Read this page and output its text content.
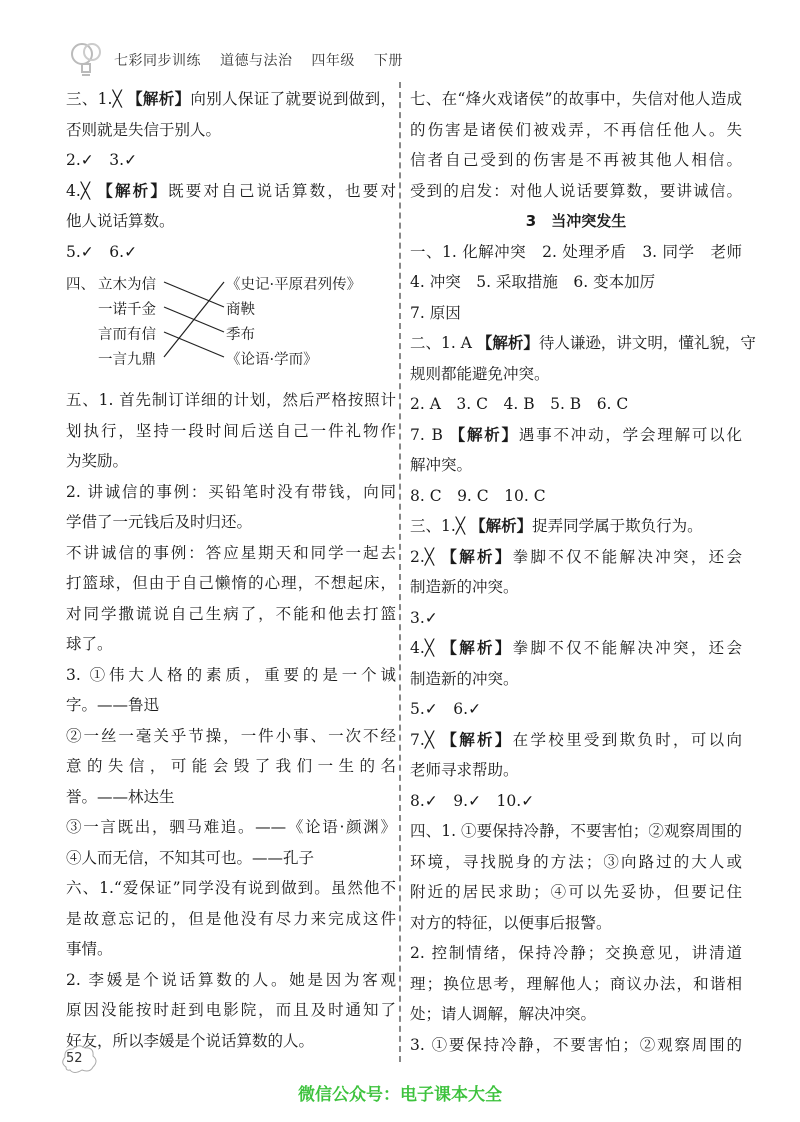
七彩同步训练 道德与法治 四年级 下册
三、1.╳ 【解析】向别人保证了就要说到做到，
否则就是失信于别人。
2.✓　3.✓
4.╳ 【解析】既要对自己说话算数，也要对
他人说话算数。
5.✓　6.✓
四、 立木为信
一诺千金
言而有信
一言九鼎
《史记·平原君列传》
商鞅
季布
《论语·学而》
五、1. 首先制订详细的计划，然后严格按照计
划执行，坚持一段时间后送自己一件礼物作
为奖励。
2. 讲诚信的事例：买铅笔时没有带钱，向同
学借了一元钱后及时归还。
不讲诚信的事例：答应星期天和同学一起去
打篮球，但由于自己懒惰的心理，不想起床，
对同学撒谎说自己生病了，不能和他去打篮
球了。
3. ①伟大人格的素质，重要的是一个诚
字。——鲁迅
②一丝一毫关乎节操，一件小事、一次不经
意的失信，可能会毁了我们一生的名
誉。——林达生
③一言既出，驷马难追。——《论语·颜渊》
④人而无信，不知其可也。——孔子
六、1.“爱保证”同学没有说到做到。虽然他不
是故意忘记的，但是他没有尽力来完成这件
事情。
2. 李媛是个说话算数的人。她是因为客观
原因没能按时赶到电影院，而且及时通知了
好友，所以李媛是个说话算数的人。
七、在“烽火戏诸侯”的故事中，失信对他人造成
的伤害是诸侯们被戏弄，不再信任他人。失
信者自己受到的伤害是不再被其他人相信。
受到的启发：对他人说话要算数，要讲诚信。
3　当冲突发生
一、1. 化解冲突　2. 处理矛盾　3. 同学　老师
4. 冲突　5. 采取措施　6. 变本加厉
7. 原因
二、1. A 【解析】待人谦逊，讲文明，懂礼貌，守
规则都能避免冲突。
2. A　3. C　4. B　5. B　6. C
7. B 【解析】遇事不冲动，学会理解可以化
解冲突。
8. C　9. C　10. C
三、1.╳ 【解析】捉弄同学属于欺负行为。
2.╳ 【解析】拳脚不仅不能解决冲突，还会
制造新的冲突。
3.✓
4.╳ 【解析】拳脚不仅不能解决冲突，还会
制造新的冲突。
5.✓　6.✓
7.╳ 【解析】在学校里受到欺负时，可以向
老师寻求帮助。
8.✓　9.✓　10.✓
四、1. ①要保持冷静，不要害怕；②观察周围的
环境，寻找脱身的方法；③向路过的大人或
附近的居民求助；④可以先妥协，但要记住
对方的特征，以便事后报警。
2. 控制情绪，保持冷静；交换意见，讲清道
理；换位思考，理解他人；商议办法，和谐相
处；请人调解，解决冲突。
3. ①要保持冷静，不要害怕；②观察周围的
52
微信公众号：电子课本大全
